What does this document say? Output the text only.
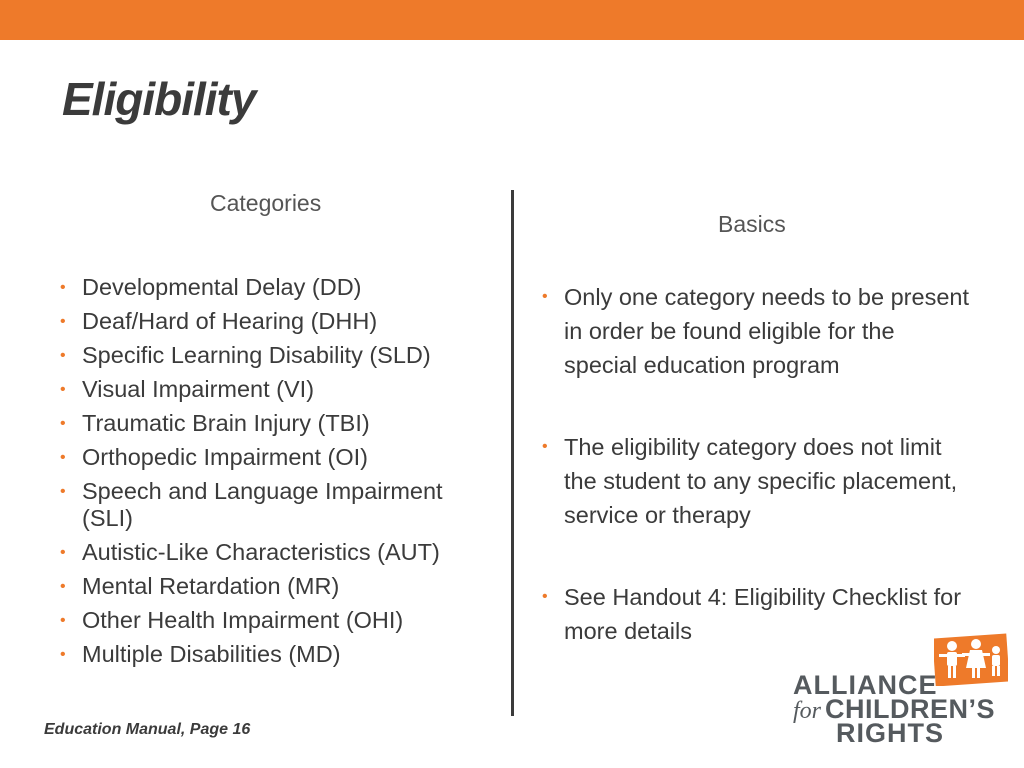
Eligibility
Categories
Basics
• Developmental Delay (DD)
• Deaf/Hard of Hearing (DHH)
• Specific Learning Disability (SLD)
• Visual Impairment (VI)
• Traumatic Brain Injury (TBI)
• Orthopedic Impairment (OI)
• Speech and Language Impairment (SLI)
• Autistic-Like Characteristics (AUT)
• Mental Retardation (MR)
• Other Health Impairment (OHI)
• Multiple Disabilities (MD)
• Only one category needs to be present in order be found eligible for the special education program
• The eligibility category does not limit the student to any specific placement, service or therapy
• See Handout 4: Eligibility Checklist for more details
Education Manual, Page 16
ALLIANCE
for CHILDREN’S
RIGHTS
